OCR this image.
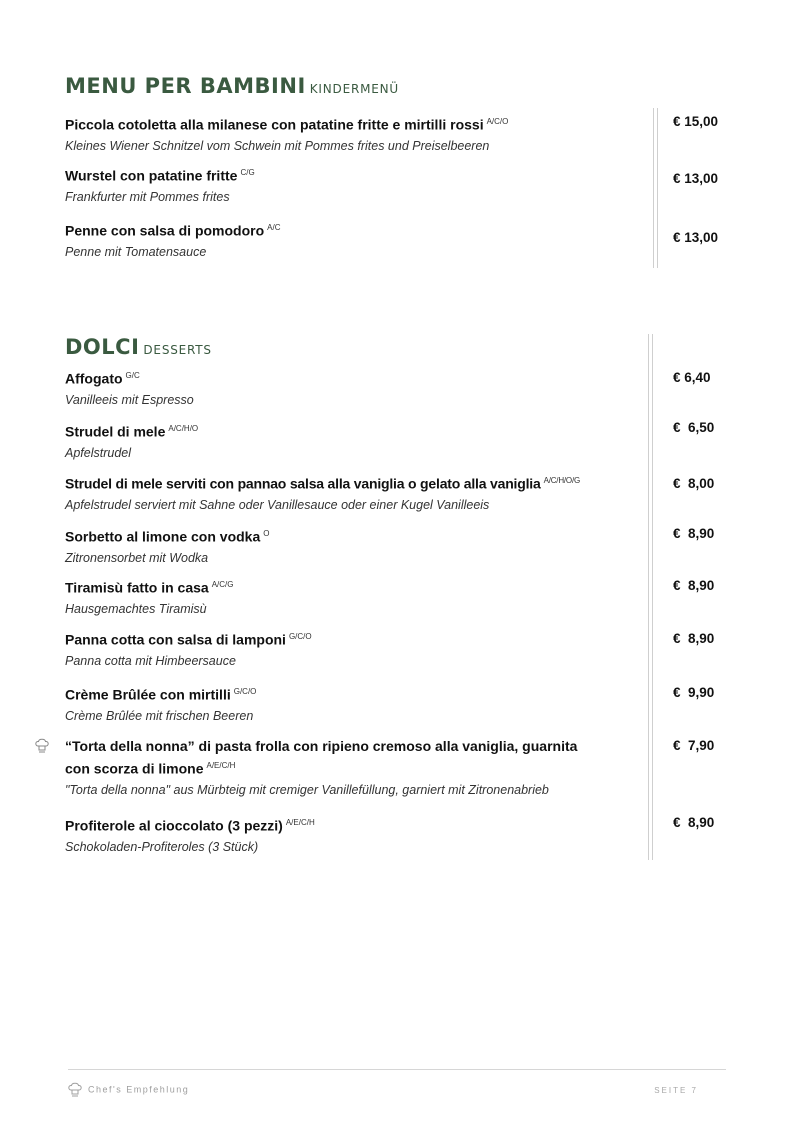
MENU PER BAMBINI KINDERMENÜ
Piccola cotoletta alla milanese con patatine fritte e mirtilli rossi $^{A/C/O}$
Kleines Wiener Schnitzel vom Schwein mit Pommes frites und Preiselbeeren
€ 15,00
Wurstel con patatine fritte $^{C/G}$
Frankfurter mit Pommes frites
€ 13,00
Penne con salsa di pomodoro $^{A/C}$
Penne mit Tomatensauce
€ 13,00
DOLCI DESSERTS
Affogato $^{G/C}$
Vanilleeis mit Espresso
€ 6,40
Strudel di mele $^{A/C/H/O}$
Apfelstrudel
€  6,50
Strudel di mele serviti con pannao salsa alla vaniglia o gelato alla vaniglia $^{A/C/H/O/G}$
Apfelstrudel serviert mit Sahne oder Vanillesauce oder einer Kugel Vanilleeis
€  8,00
Sorbetto al limone con vodka $^O$
Zitronensorbet mit Wodka
€  8,90
Tiramisù fatto in casa $^{A/C/G}$
Hausgemachtes Tiramisù
€  8,90
Panna cotta con salsa di lamponi $^{G/C/O}$
Panna cotta mit Himbeersauce
€  8,90
Crème Brûlée con mirtilli $^{G/C/O}$
Crème Brûlée mit frischen Beeren
€  9,90
“Torta della nonna” di pasta frolla con ripieno cremoso alla vaniglia, guarnita con scorza di limone $^{A/E/C/H}$
"Torta della nonna" aus Mürbteig mit cremiger Vanillefüllung, garniert mit Zitronenabrieb
€  7,90
Profiterole al cioccolato (3 pezzi) $^{A/E/C/H}$
Schokoladen-Profiteroles (3 Stück)
€  8,90
Chef's Empfehlung	SEITE 7
